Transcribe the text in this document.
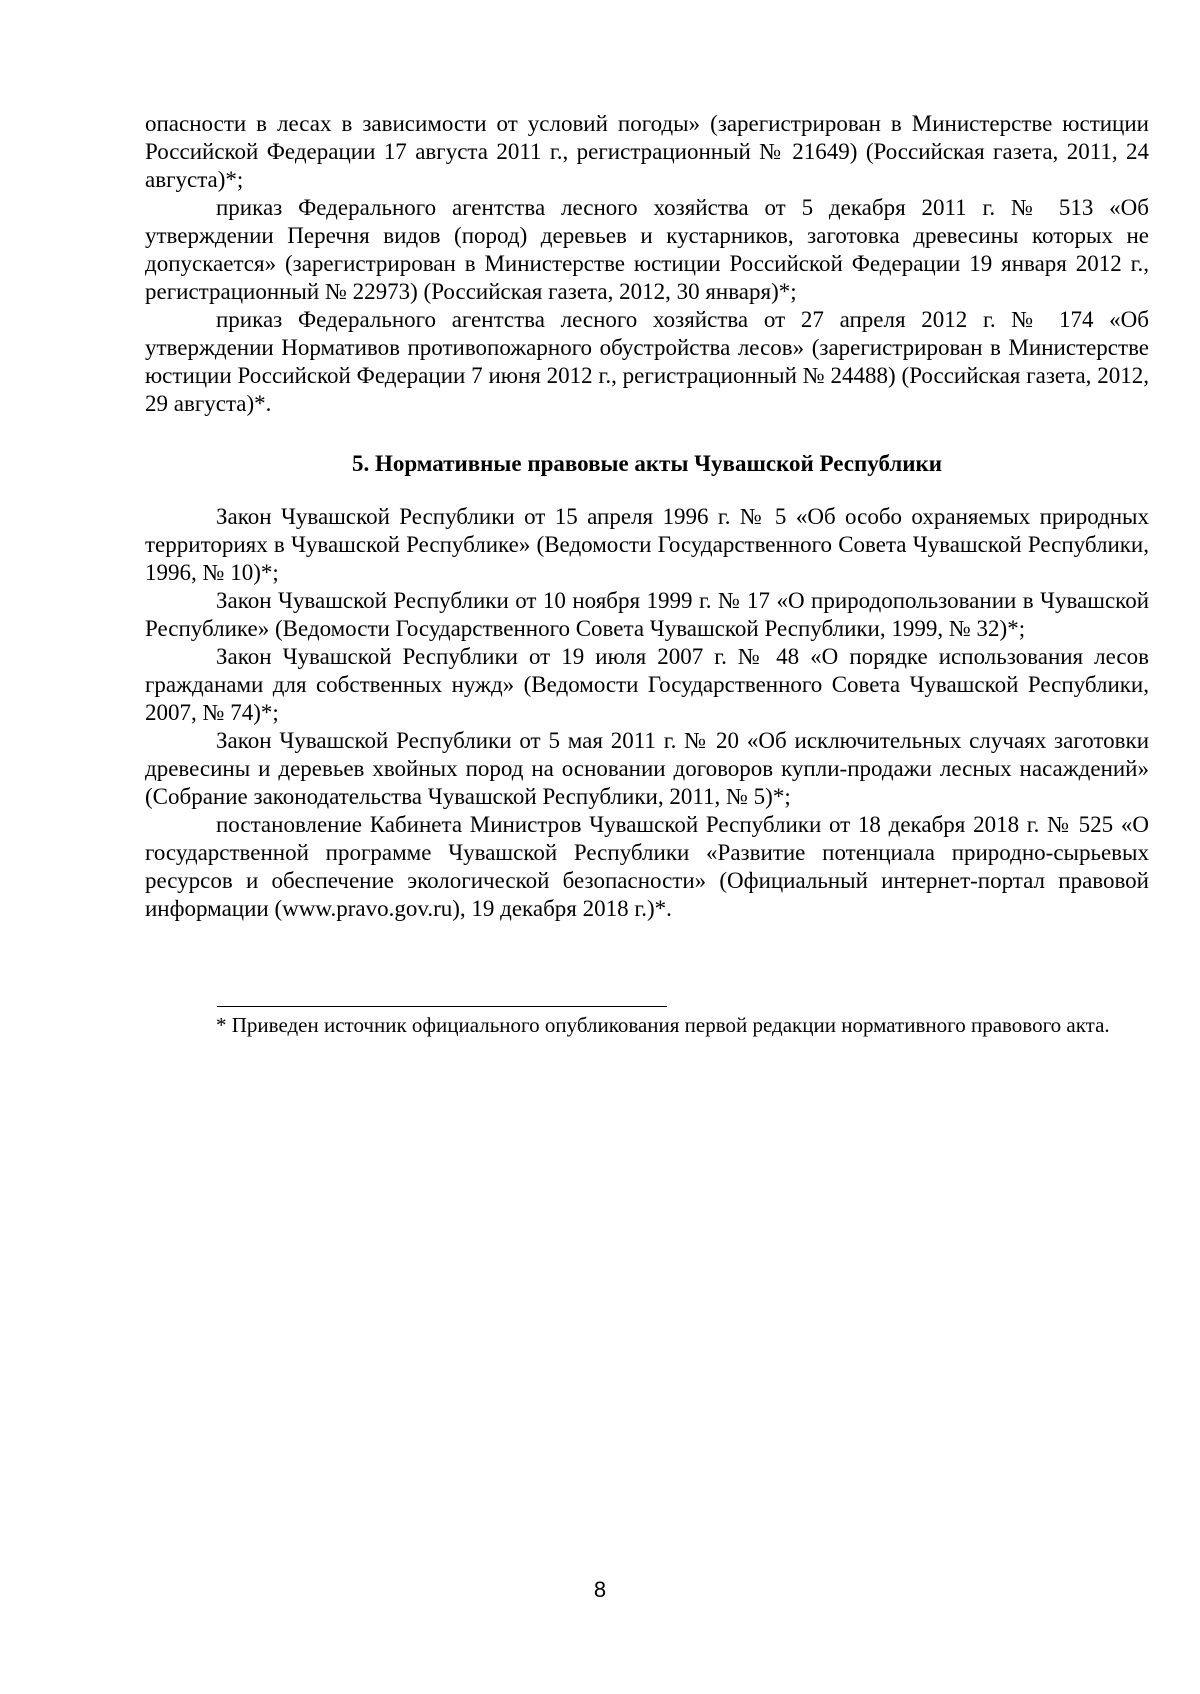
опасности в лесах в зависимости от условий погоды» (зарегистрирован в Министерстве юстиции Российской Федерации 17 августа 2011 г., регистрационный № 21649) (Российская газета, 2011, 24 августа)*;

приказ Федерального агентства лесного хозяйства от 5 декабря 2011 г. № 513 «Об утверждении Перечня видов (пород) деревьев и кустарников, заготовка древесины которых не допускается» (зарегистрирован в Министерстве юстиции Российской Федерации 19 января 2012 г., регистрационный № 22973) (Российская газета, 2012, 30 января)*;

приказ Федерального агентства лесного хозяйства от 27 апреля 2012 г. № 174 «Об утверждении Нормативов противопожарного обустройства лесов» (зарегистрирован в Министерстве юстиции Российской Федерации 7 июня 2012 г., регистрационный № 24488) (Российская газета, 2012, 29 августа)*.

5. Нормативные правовые акты Чувашской Республики

Закон Чувашской Республики от 15 апреля 1996 г. № 5 «Об особо охраняемых природных территориях в Чувашской Республике» (Ведомости Государственного Совета Чувашской Республики, 1996, № 10)*;

Закон Чувашской Республики от 10 ноября 1999 г. № 17 «О природопользовании в Чувашской Республике» (Ведомости Государственного Совета Чувашской Республики, 1999, № 32)*;

Закон Чувашской Республики от 19 июля 2007 г. № 48 «О порядке использования лесов гражданами для собственных нужд» (Ведомости Государственного Совета Чувашской Республики, 2007, № 74)*;

Закон Чувашской Республики от 5 мая 2011 г. № 20 «Об исключительных случаях заготовки древесины и деревьев хвойных пород на основании договоров купли-продажи лесных насаждений» (Собрание законодательства Чувашской Республики, 2011, № 5)*;

постановление Кабинета Министров Чувашской Республики от 18 декабря 2018 г. № 525 «О государственной программе Чувашской Республики «Развитие потенциала природно-сырьевых ресурсов и обеспечение экологической безопасности» (Официальный интернет-портал правовой информации (www.pravo.gov.ru), 19 декабря 2018 г.)*.

* Приведен источник официального опубликования первой редакции нормативного правового акта.

8
